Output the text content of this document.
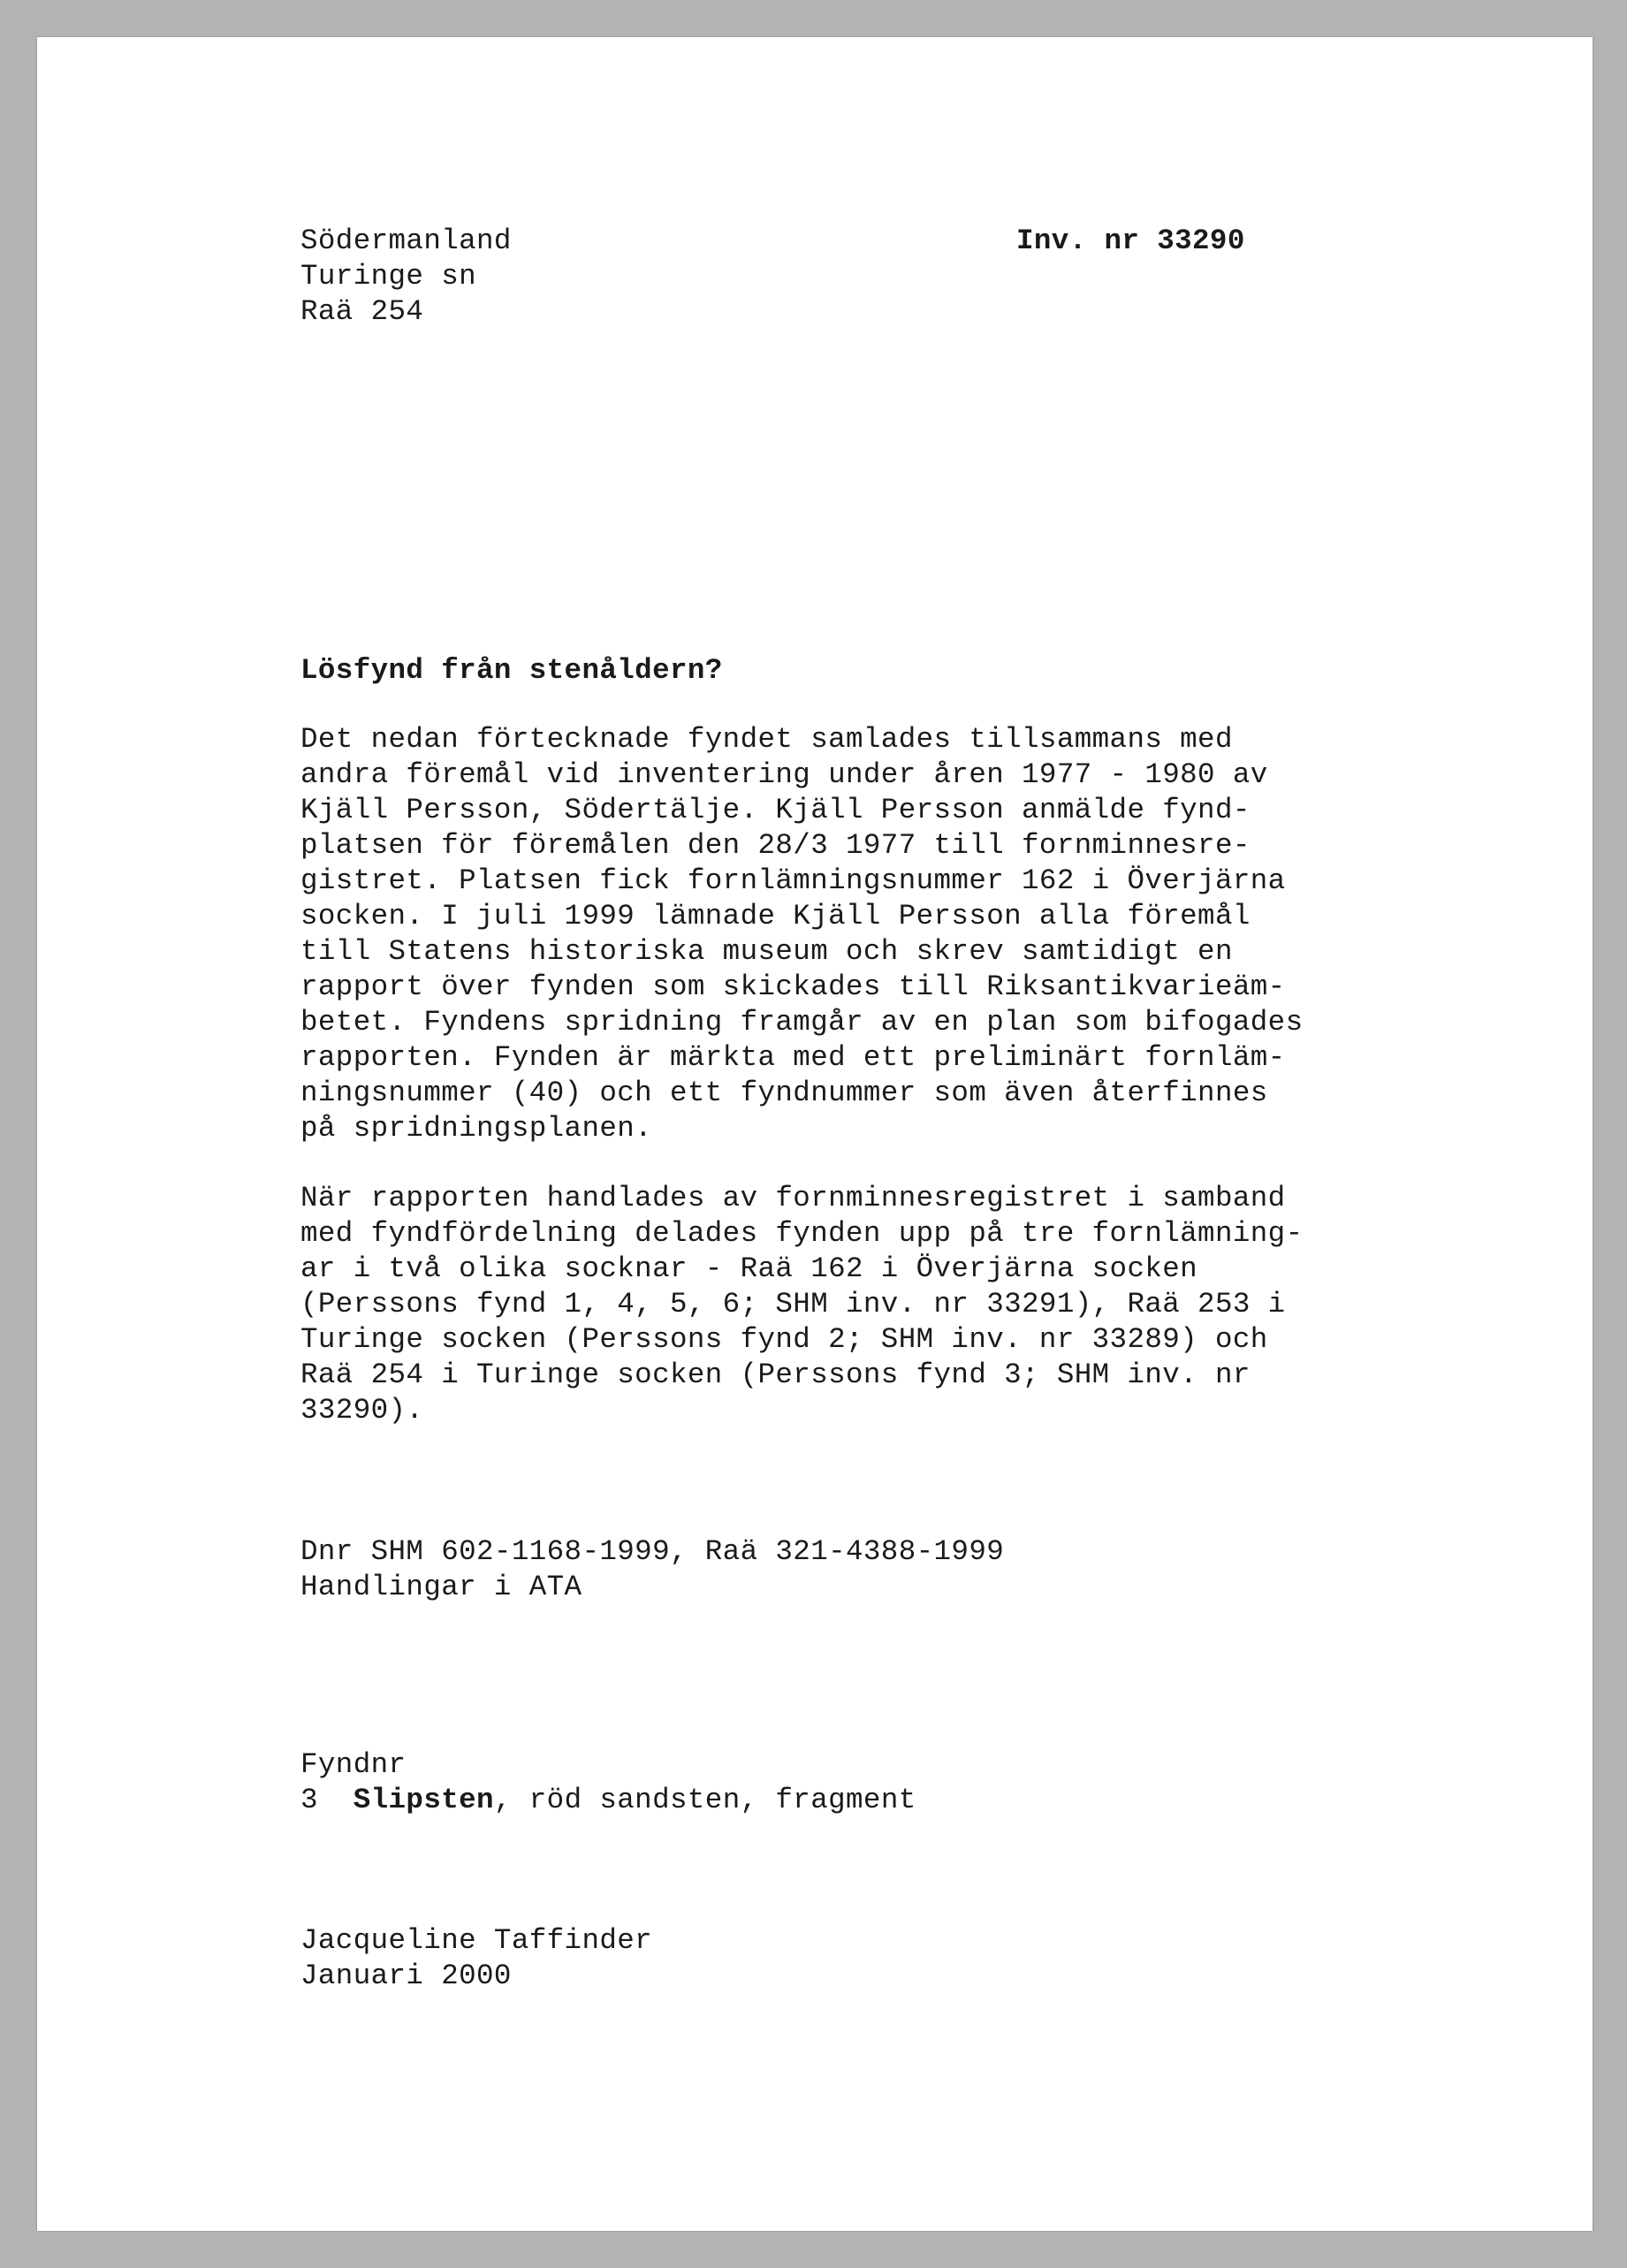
Södermanland
Turinge sn
Raä 254
Inv. nr 33290
Lösfynd från stenåldern?
Det nedan förtecknade fyndet samlades tillsammans med
andra föremål vid inventering under åren 1977 - 1980 av
Kjäll Persson, Södertälje. Kjäll Persson anmälde fynd-
platsen för föremålen den 28/3 1977 till fornminnesre-
gistret. Platsen fick fornlämningsnummer 162 i Överjärna
socken. I juli 1999 lämnade Kjäll Persson alla föremål
till Statens historiska museum och skrev samtidigt en
rapport över fynden som skickades till Riksantikvarieäm-
betet. Fyndens spridning framgår av en plan som bifogades
rapporten. Fynden är märkta med ett preliminärt fornläm-
ningsnummer (40) och ett fyndnummer som även återfinnes
på spridningsplanen.
När rapporten handlades av fornminnesregistret i samband
med fyndfördelning delades fynden upp på tre fornlämning-
ar i två olika socknar - Raä 162 i Överjärna socken
(Perssons fynd 1, 4, 5, 6; SHM inv. nr 33291), Raä 253 i
Turinge socken (Perssons fynd 2; SHM inv. nr 33289) och
Raä 254 i Turinge socken (Perssons fynd 3; SHM inv. nr
33290).
Dnr SHM 602-1168-1999, Raä 321-4388-1999
Handlingar i ATA
Fyndnr
3 Slipsten, röd sandsten, fragment
Jacqueline Taffinder
Januari 2000
